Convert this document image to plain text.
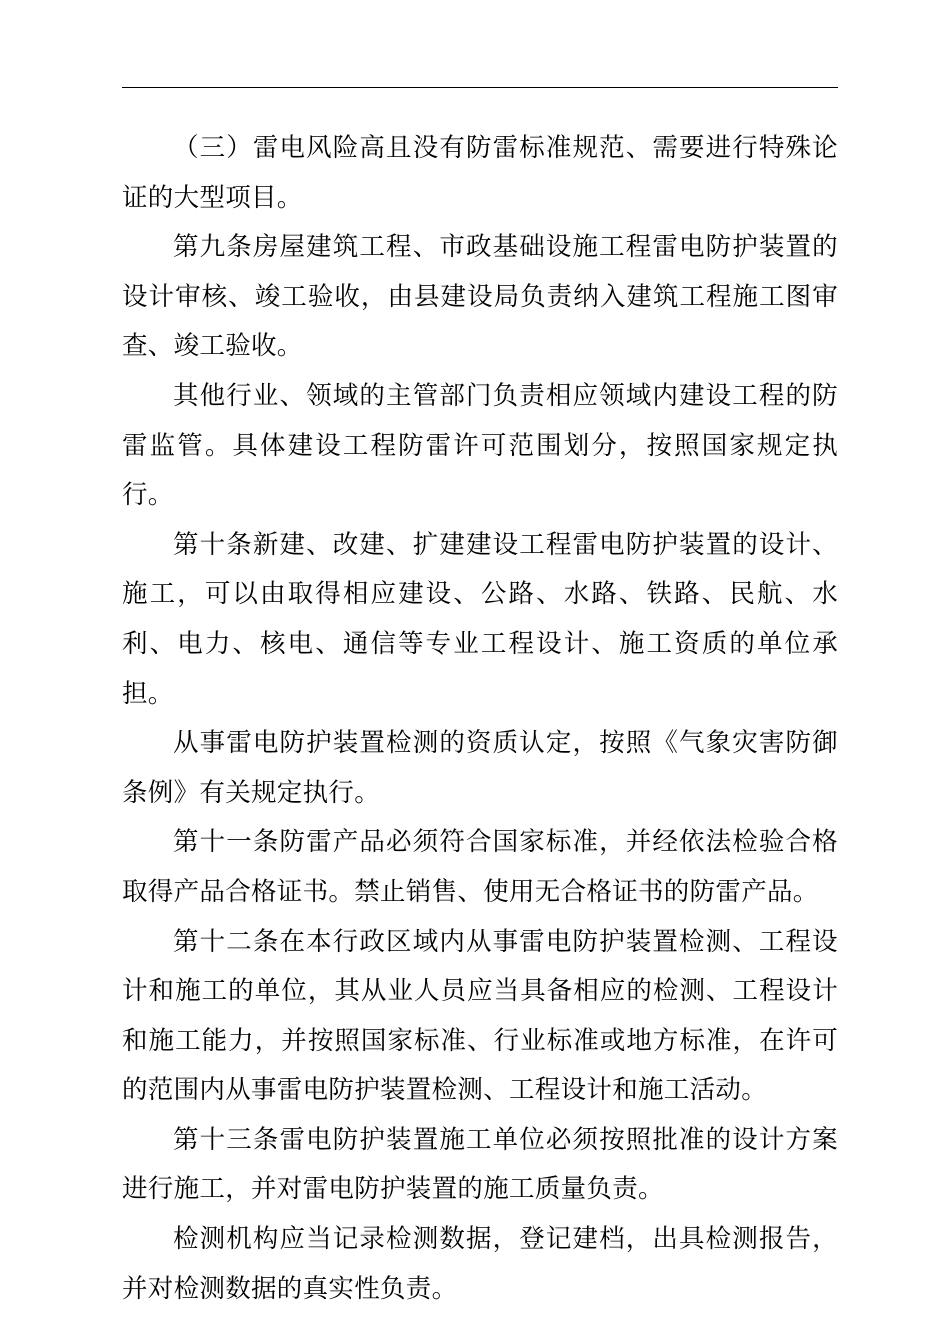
（三）雷电风险高且没有防雷标准规范、需要进行特殊论证的大型项目。

第九条房屋建筑工程、市政基础设施工程雷电防护装置的设计审核、竣工验收，由县建设局负责纳入建筑工程施工图审查、竣工验收。

其他行业、领域的主管部门负责相应领域内建设工程的防雷监管。具体建设工程防雷许可范围划分，按照国家规定执行。

第十条新建、改建、扩建建设工程雷电防护装置的设计、施工，可以由取得相应建设、公路、水路、铁路、民航、水利、电力、核电、通信等专业工程设计、施工资质的单位承担。

从事雷电防护装置检测的资质认定，按照《气象灾害防御条例》有关规定执行。

第十一条防雷产品必须符合国家标准，并经依法检验合格取得产品合格证书。禁止销售、使用无合格证书的防雷产品。

第十二条在本行政区域内从事雷电防护装置检测、工程设计和施工的单位，其从业人员应当具备相应的检测、工程设计和施工能力，并按照国家标准、行业标准或地方标准，在许可的范围内从事雷电防护装置检测、工程设计和施工活动。

第十三条雷电防护装置施工单位必须按照批准的设计方案进行施工，并对雷电防护装置的施工质量负责。

检测机构应当记录检测数据，登记建档，出具检测报告，并对检测数据的真实性负责。
